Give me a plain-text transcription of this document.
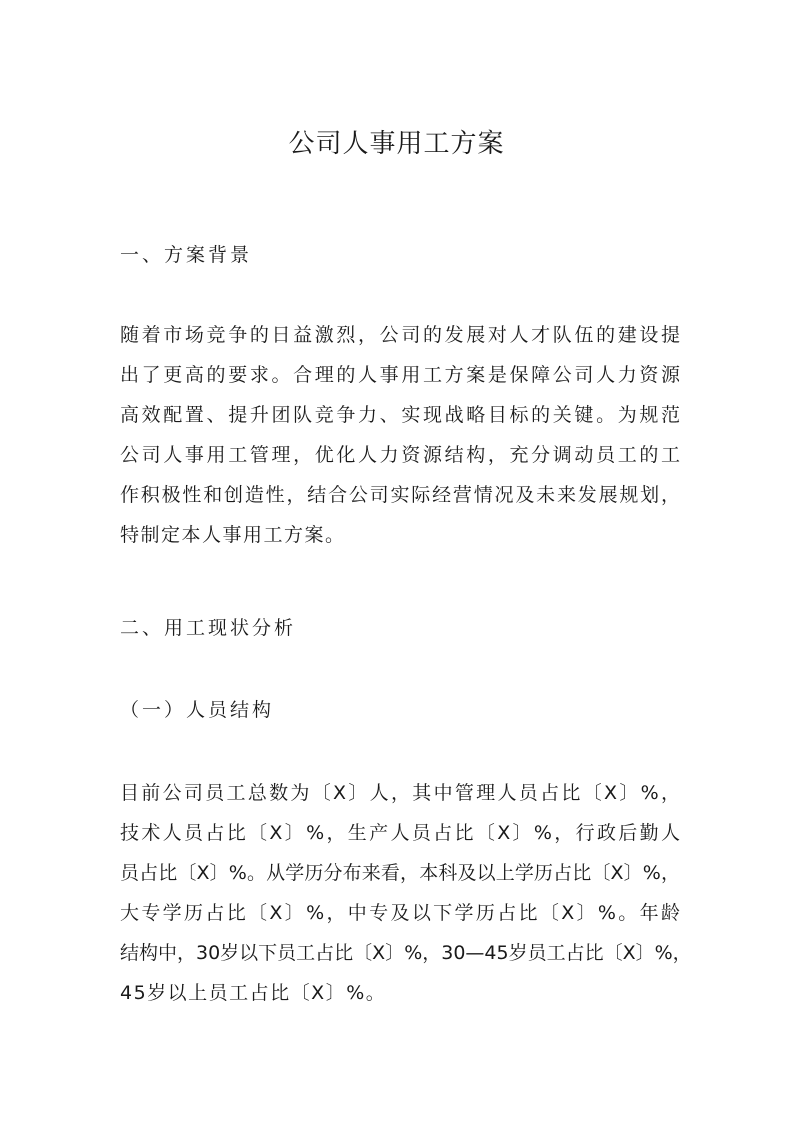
公司人事用工方案
一、方案背景
随着市场竞争的日益激烈，公司的发展对人才队伍的建设提
出了更高的要求。合理的人事用工方案是保障公司人力资源
高效配置、提升团队竞争力、实现战略目标的关键。为规范
公司人事用工管理，优化人力资源结构，充分调动员工的工
作积极性和创造性，结合公司实际经营情况及未来发展规划，
特制定本人事用工方案。
二、用工现状分析
（一）人员结构
目前公司员工总数为〔X〕人，其中管理人员占比〔X〕%，
技术人员占比〔X〕%，生产人员占比〔X〕%，行政后勤人
员占比〔X〕%。从学历分布来看，本科及以上学历占比〔X〕%，
大专学历占比〔X〕%，中专及以下学历占比〔X〕%。年龄
结构中，30岁以下员工占比〔X〕%，30—45岁员工占比〔X〕%，
45岁以上员工占比〔X〕%。
